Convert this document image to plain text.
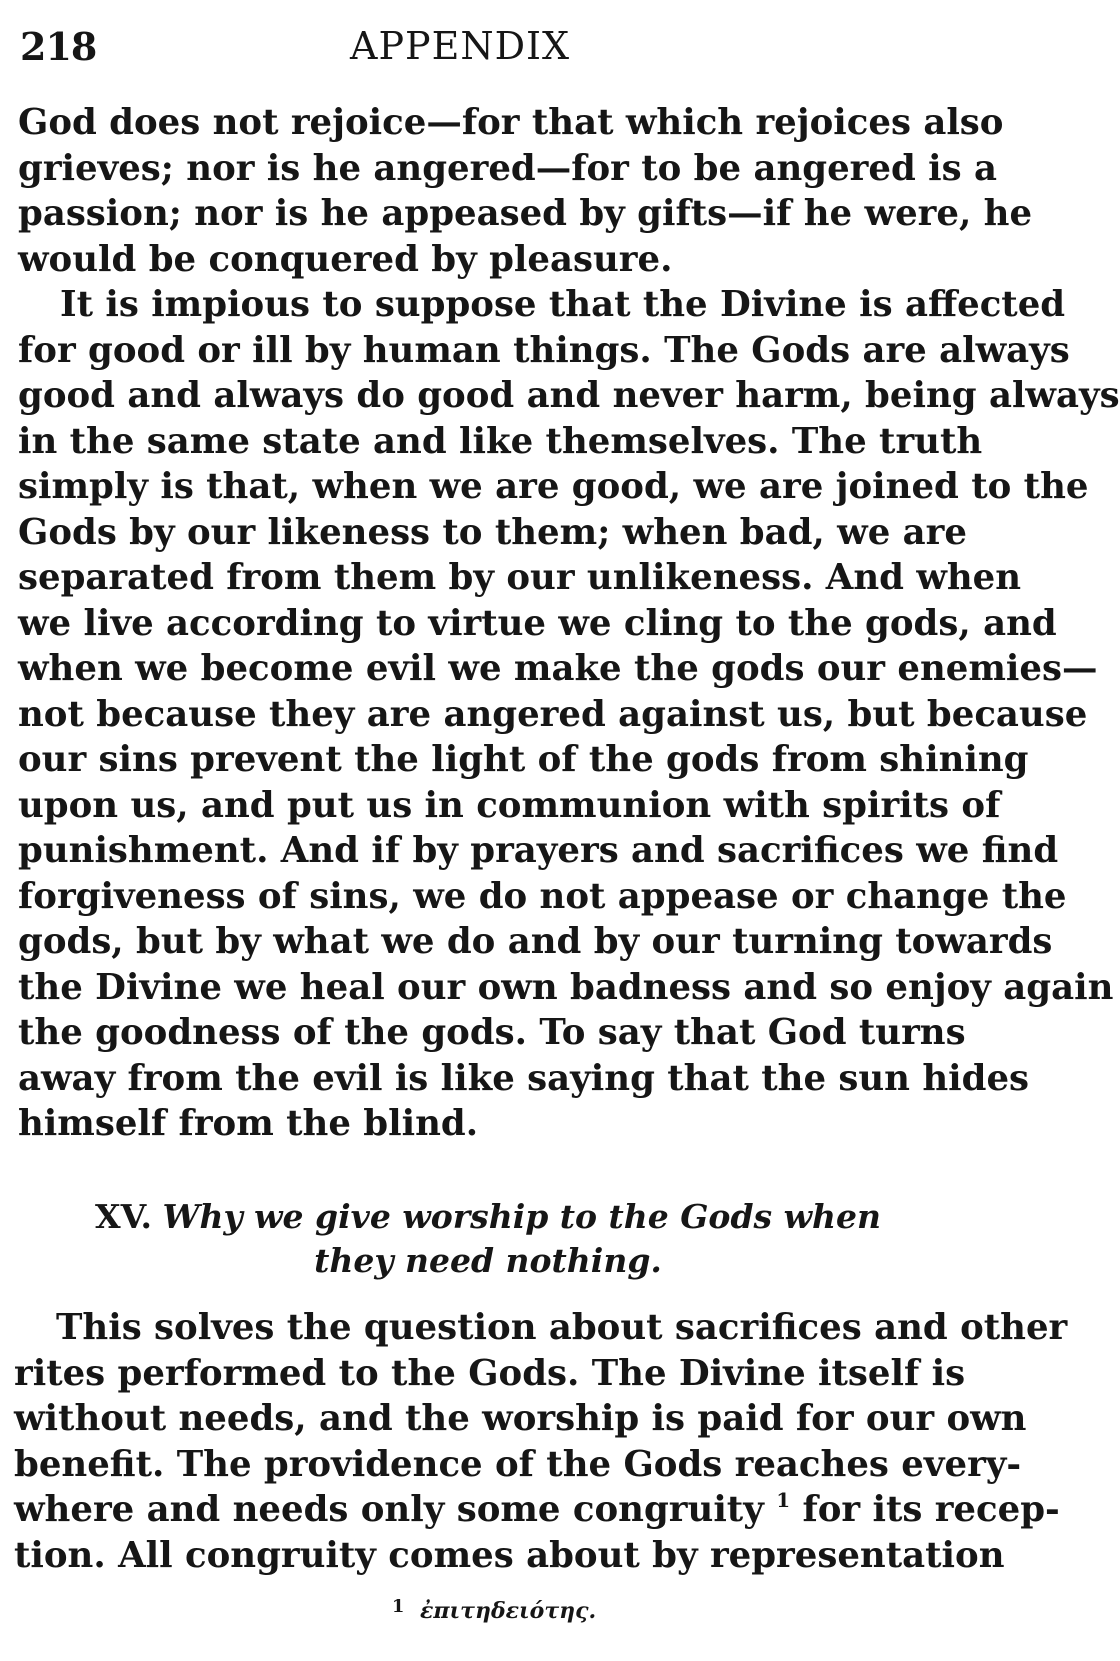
218	APPENDIX
God does not rejoice—for that which rejoices also
grieves; nor is he angered—for to be angered is a
passion; nor is he appeased by gifts—if he were, he
would be conquered by pleasure.
It is impious to suppose that the Divine is affected
for good or ill by human things. The Gods are always
good and always do good and never harm, being always
in the same state and like themselves. The truth
simply is that, when we are good, we are joined to the
Gods by our likeness to them; when bad, we are
separated from them by our unlikeness. And when
we live according to virtue we cling to the gods, and
when we become evil we make the gods our enemies—
not because they are angered against us, but because
our sins prevent the light of the gods from shining
upon us, and put us in communion with spirits of
punishment. And if by prayers and sacrifices we find
forgiveness of sins, we do not appease or change the
gods, but by what we do and by our turning towards
the Divine we heal our own badness and so enjoy again
the goodness of the gods. To say that God turns
away from the evil is like saying that the sun hides
himself from the blind.
XV. Why we give worship to the Gods when
they need nothing.
This solves the question about sacrifices and other
rites performed to the Gods. The Divine itself is
without needs, and the worship is paid for our own
benefit. The providence of the Gods reaches every-
where and needs only some congruity $^1$ for its recep-
tion. All congruity comes about by representation
$^1$ ἐπιτηδειότης.
